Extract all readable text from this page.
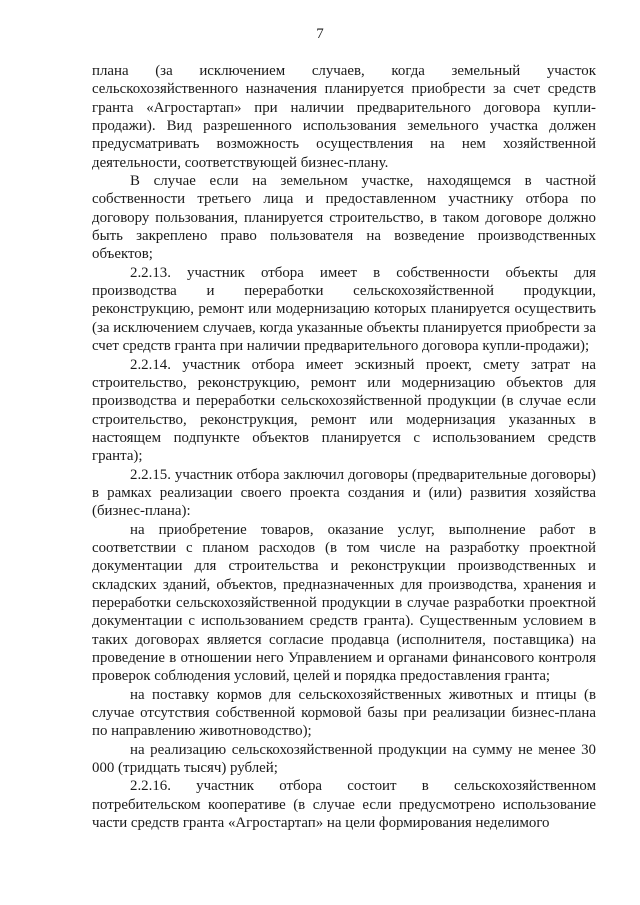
7

плана (за исключением случаев, когда земельный участок сельскохозяйственного назначения планируется приобрести за счет средств гранта «Агростартап» при наличии предварительного договора купли-продажи). Вид разрешенного использования земельного участка должен предусматривать возможность осуществления на нем хозяйственной деятельности, соответствующей бизнес-плану.

В случае если на земельном участке, находящемся в частной собственности третьего лица и предоставленном участнику отбора по договору пользования, планируется строительство, в таком договоре должно быть закреплено право пользователя на возведение производственных объектов;

2.2.13. участник отбора имеет в собственности объекты для производства и переработки сельскохозяйственной продукции, реконструкцию, ремонт или модернизацию которых планируется осуществить (за исключением случаев, когда указанные объекты планируется приобрести за счет средств гранта при наличии предварительного договора купли-продажи);

2.2.14. участник отбора имеет эскизный проект, смету затрат на строительство, реконструкцию, ремонт или модернизацию объектов для производства и переработки сельскохозяйственной продукции (в случае если строительство, реконструкция, ремонт или модернизация указанных в настоящем подпункте объектов планируется с использованием средств гранта);

2.2.15. участник отбора заключил договоры (предварительные договоры) в рамках реализации своего проекта создания и (или) развития хозяйства (бизнес-плана):

на приобретение товаров, оказание услуг, выполнение работ в соответствии с планом расходов (в том числе на разработку проектной документации для строительства и реконструкции производственных и складских зданий, объектов, предназначенных для производства, хранения и переработки сельскохозяйственной продукции в случае разработки проектной документации с использованием средств гранта). Существенным условием в таких договорах является согласие продавца (исполнителя, поставщика) на проведение в отношении него Управлением и органами финансового контроля проверок соблюдения условий, целей и порядка предоставления гранта;

на поставку кормов для сельскохозяйственных животных и птицы (в случае отсутствия собственной кормовой базы при реализации бизнес-плана по направлению животноводство);

на реализацию сельскохозяйственной продукции на сумму не менее 30 000 (тридцать тысяч) рублей;

2.2.16. участник отбора состоит в сельскохозяйственном потребительском кооперативе (в случае если предусмотрено использование части средств гранта «Агростартап» на цели формирования неделимого
